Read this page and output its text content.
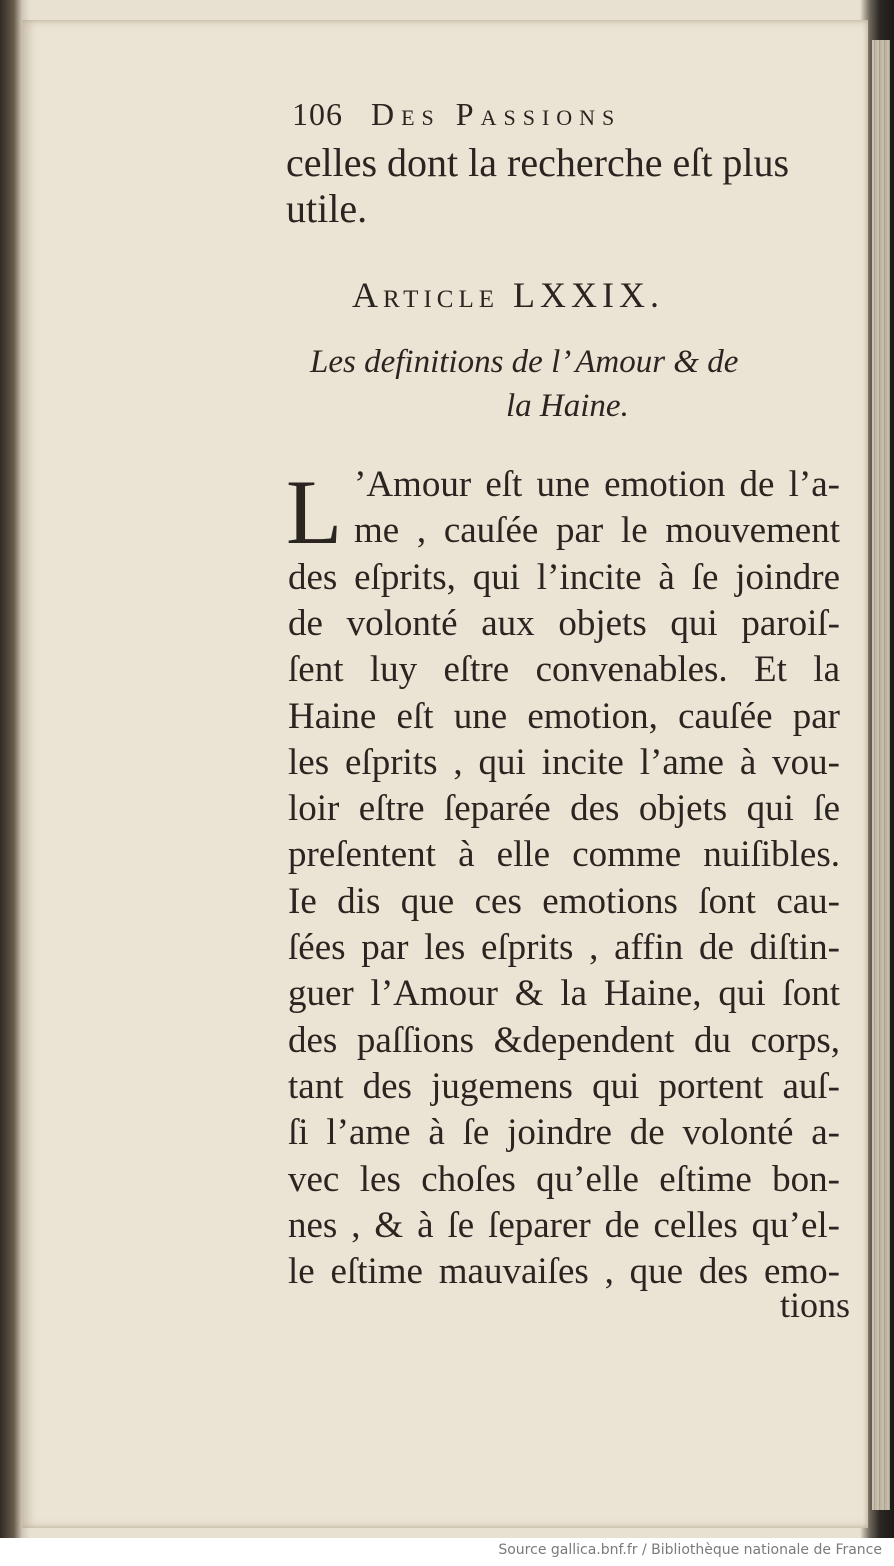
106 Des Passions
celles dont la recherche eſt plus
utile.
Article LXXIX.
Les definitions de l’ Amour & de
la Haine.
L ’Amour eſt une emotion de l’a-
me , cauſée par le mouvement
des eſprits, qui l’incite à ſe joindre
de volonté aux objets qui paroiſ-
ſent luy eſtre convenables. Et la
Haine eſt une emotion, cauſée par
les eſprits , qui incite l’ame à vou-
loir eſtre ſeparée des objets qui ſe
preſentent à elle comme nuiſibles.
Ie dis que ces emotions ſont cau-
ſées par les eſprits , affin de diſtin-
guer l’Amour & la Haine, qui ſont
des paſſions &dependent du corps,
tant des jugemens qui portent auſ-
ſi l’ame à ſe joindre de volonté a-
vec les choſes qu’elle eſtime bon-
nes , & à ſe ſeparer de celles qu’el-
le eſtime mauvaiſes , que des emo-
tions
Source gallica.bnf.fr / Bibliothèque nationale de France
